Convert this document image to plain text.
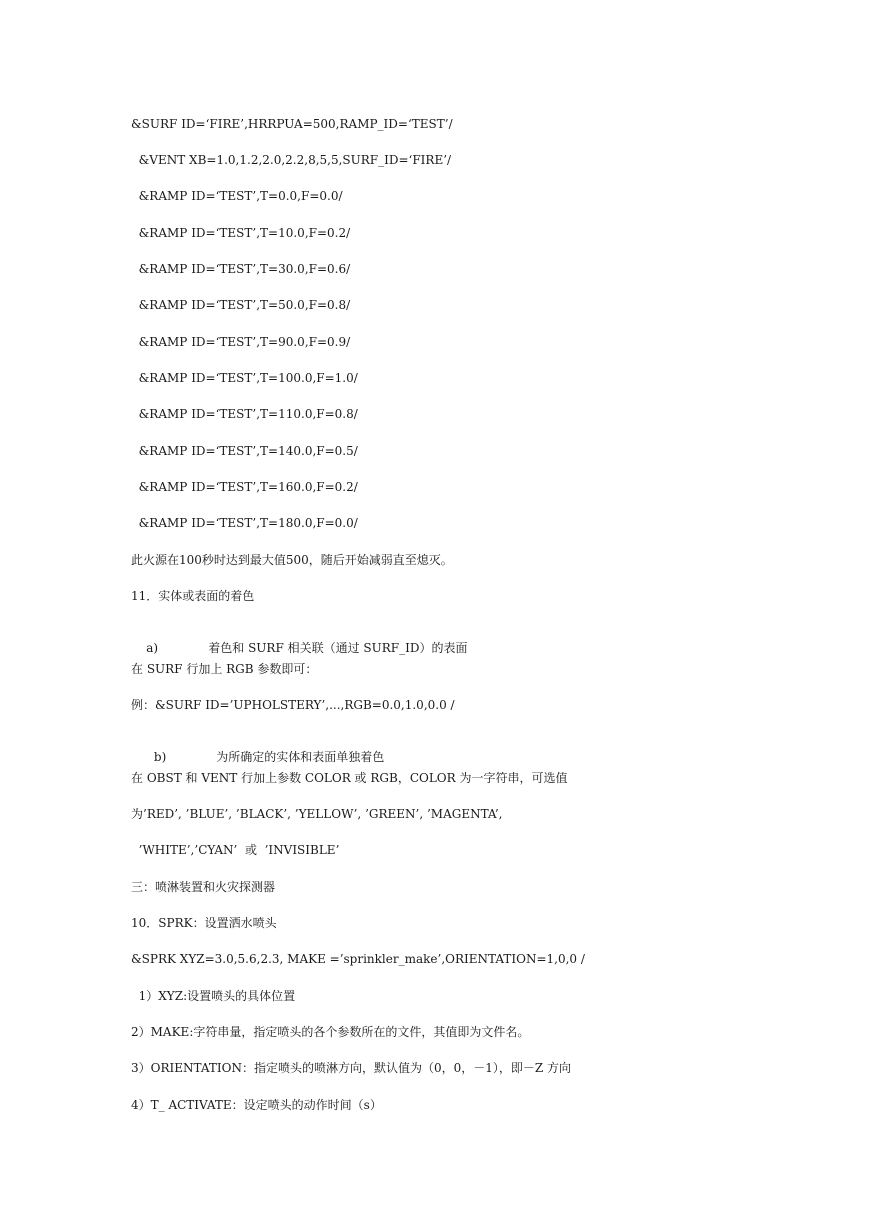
&SURF ID=‘FIRE’,HRRPUA=500,RAMP_ID=‘TEST’/
&VENT XB=1.0,1.2,2.0,2.2,8,5,5,SURF_ID=‘FIRE’/
&RAMP ID=‘TEST’,T=0.0,F=0.0/
&RAMP ID=‘TEST’,T=10.0,F=0.2/
&RAMP ID=‘TEST’,T=30.0,F=0.6/
&RAMP ID=‘TEST’,T=50.0,F=0.8/
&RAMP ID=‘TEST’,T=90.0,F=0.9/
&RAMP ID=‘TEST’,T=100.0,F=1.0/
&RAMP ID=‘TEST’,T=110.0,F=0.8/
&RAMP ID=‘TEST’,T=140.0,F=0.5/
&RAMP ID=‘TEST’,T=160.0,F=0.2/
&RAMP ID=‘TEST’,T=180.0,F=0.0/
此火源在100秒时达到最大值500，随后开始减弱直至熄灭。
11．实体或表面的着色

a)	着色和 SURF 相关联（通过 SURF_ID）的表面

在 SURF 行加上 RGB 参数即可：
例：&SURF ID=’UPHOLSTERY’,...,RGB=0.0,1.0,0.0 /

b)	为所确定的实体和表面单独着色

在 OBST 和 VENT 行加上参数 COLOR 或 RGB，COLOR 为一字符串，可选值
为’RED’, ’BLUE’, ’BLACK’, ’YELLOW’, ’GREEN’, ’MAGENTA’,
’WHITE’,’CYAN’  或  ’INVISIBLE’
三：喷淋装置和火灾探测器
10．SPRK：设置洒水喷头
&SPRK XYZ=3.0,5.6,2.3, MAKE =’sprinkler_make’,ORIENTATION=1,0,0 /
1）XYZ:设置喷头的具体位置
2）MAKE:字符串量，指定喷头的各个参数所在的文件，其值即为文件名。
3）ORIENTATION：指定喷头的喷淋方向，默认值为（0，0，－1），即－Z 方向
4）T_ ACTIVATE：设定喷头的动作时间（s）
